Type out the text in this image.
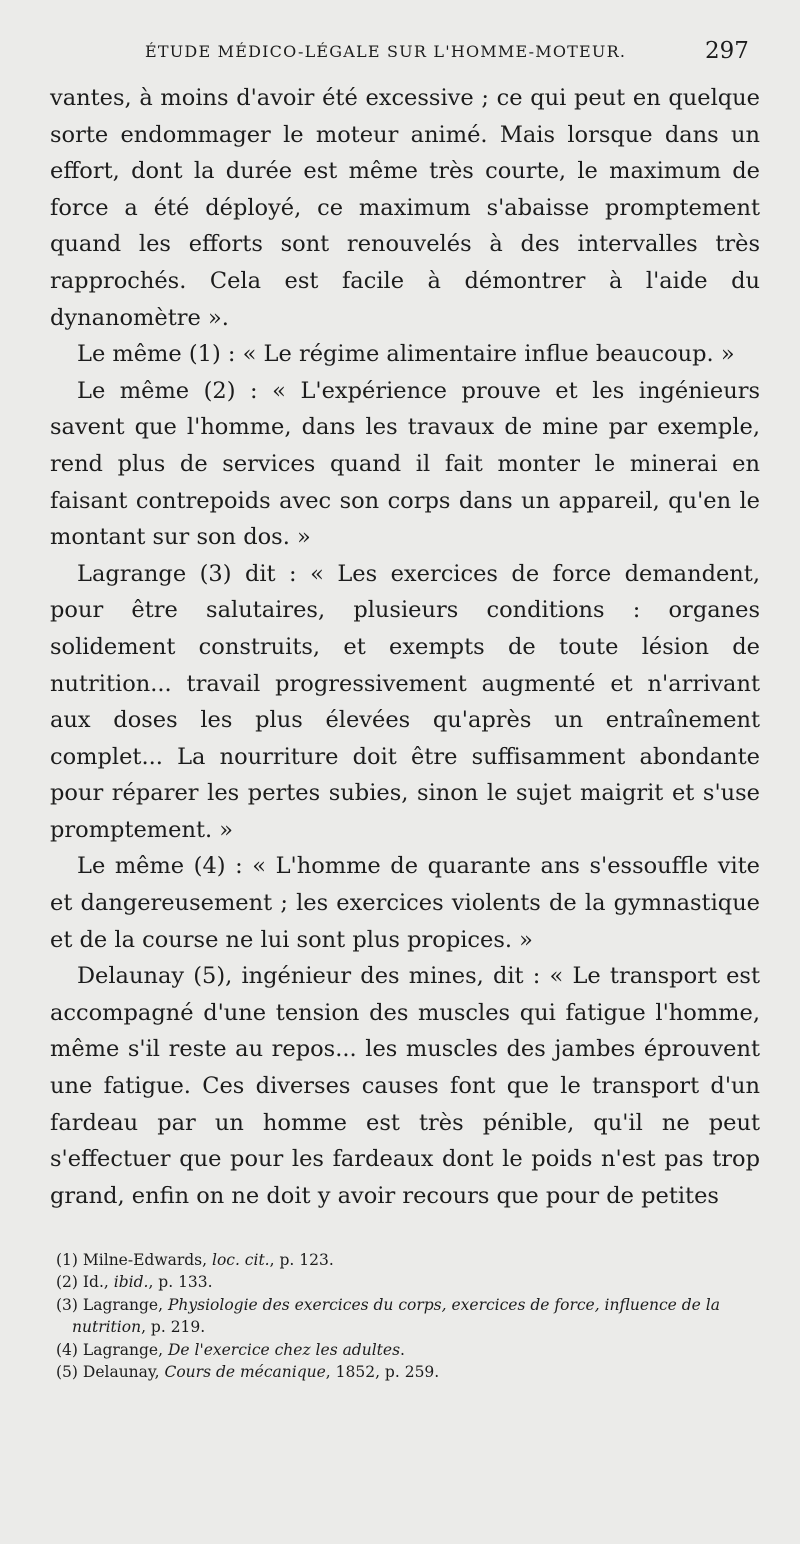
ÉTUDE MÉDICO-LÉGALE SUR L'HOMME-MOTEUR.	297

vantes, à moins d'avoir été excessive ; ce qui peut en quelque sorte endommager le moteur animé. Mais lorsque dans un effort, dont la durée est même très courte, le maximum de force a été déployé, ce maximum s'abaisse promptement quand les efforts sont renouvelés à des intervalles très rapprochés. Cela est facile à démontrer à l'aide du dynanomètre ».

Le même (1) : « Le régime alimentaire influe beaucoup. »

Le même (2) : « L'expérience prouve et les ingénieurs savent que l'homme, dans les travaux de mine par exemple, rend plus de services quand il fait monter le minerai en faisant contrepoids avec son corps dans un appareil, qu'en le montant sur son dos. »

Lagrange (3) dit : « Les exercices de force demandent, pour être salutaires, plusieurs conditions : organes solidement construits, et exempts de toute lésion de nutrition... travail progressivement augmenté et n'arrivant aux doses les plus élevées qu'après un entraînement complet... La nourriture doit être suffisamment abondante pour réparer les pertes subies, sinon le sujet maigrit et s'use promptement. »

Le même (4) : « L'homme de quarante ans s'essouffle vite et dangereusement ; les exercices violents de la gymnastique et de la course ne lui sont plus propices. »

Delaunay (5), ingénieur des mines, dit : « Le transport est accompagné d'une tension des muscles qui fatigue l'homme, même s'il reste au repos... les muscles des jambes éprouvent une fatigue. Ces diverses causes font que le transport d'un fardeau par un homme est très pénible, qu'il ne peut s'effectuer que pour les fardeaux dont le poids n'est pas trop grand, enfin on ne doit y avoir recours que pour de petites

(1) Milne-Edwards, loc. cit., p. 123.

(2) Id., ibid., p. 133.

(3) Lagrange, Physiologie des exercices du corps, exercices de force, influence de la nutrition, p. 219.

(4) Lagrange, De l'exercice chez les adultes.

(5) Delaunay, Cours de mécanique, 1852, p. 259.
